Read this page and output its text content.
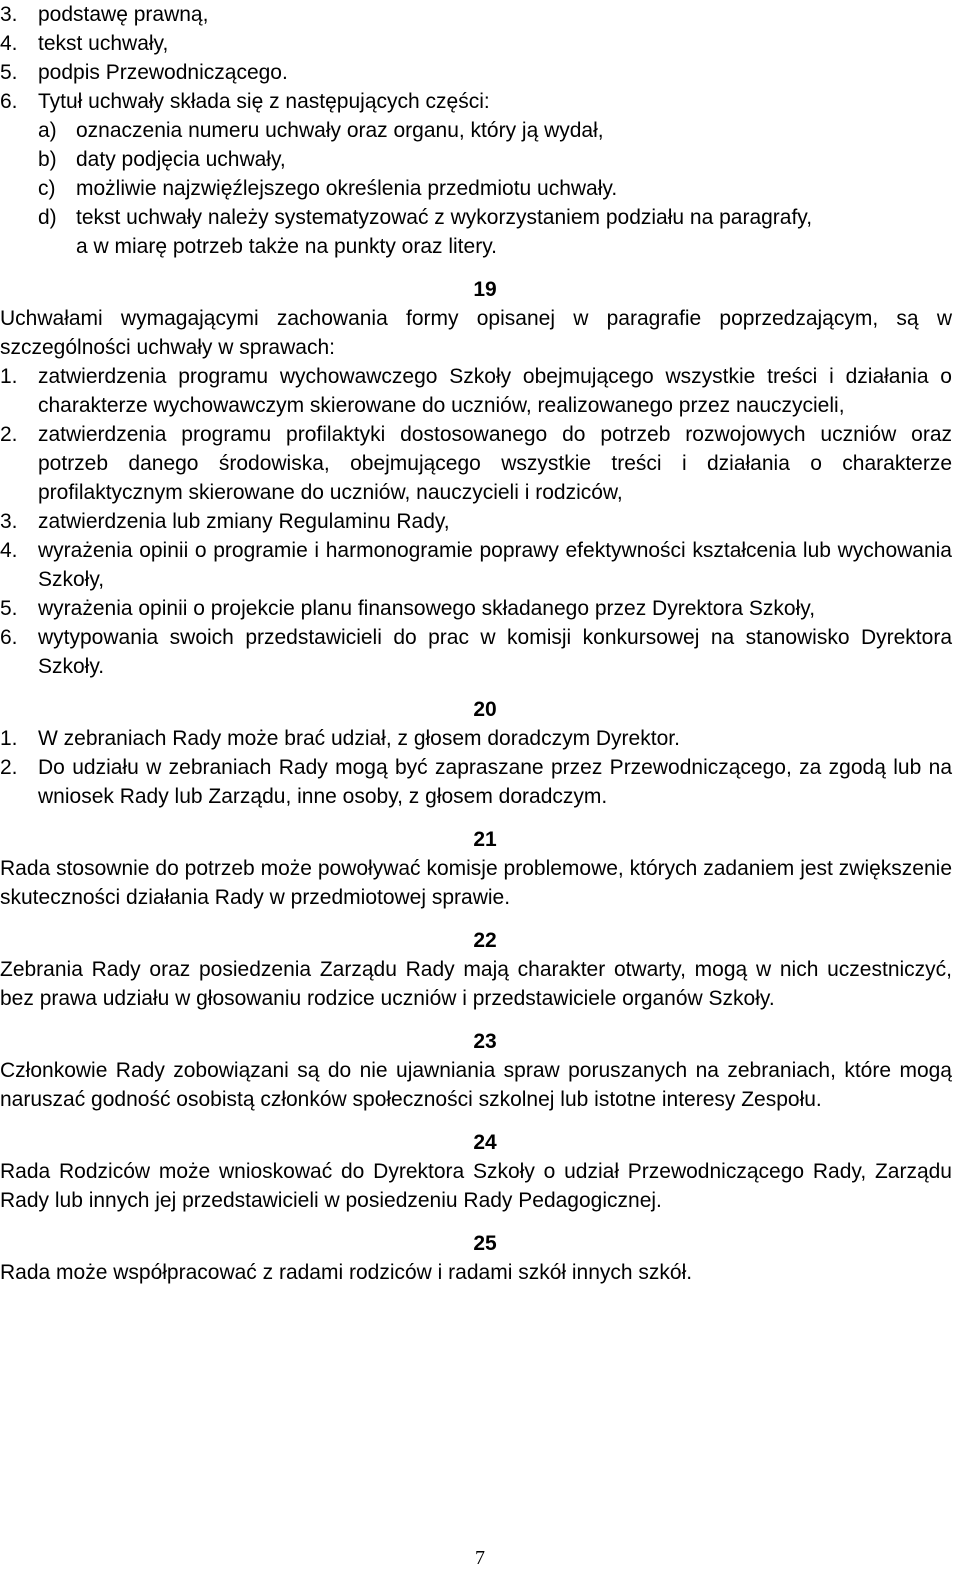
3. podstawę prawną,
4. tekst uchwały,
5. podpis Przewodniczącego.
6. Tytuł uchwały składa się z następujących części:
a) oznaczenia numeru uchwały oraz organu, który ją wydał,
b) daty podjęcia uchwały,
c) możliwie najzwięźlejszego określenia przedmiotu uchwały.
d) tekst uchwały należy systematyzować z wykorzystaniem podziału na paragrafy,
a w miarę potrzeb także na punkty oraz litery.
19
Uchwałami wymagającymi zachowania formy opisanej w paragrafie poprzedzającym, są w szczególności uchwały w sprawach:
1. zatwierdzenia programu wychowawczego Szkoły obejmującego wszystkie treści i działania o charakterze wychowawczym skierowane do uczniów, realizowanego przez nauczycieli,
2. zatwierdzenia programu profilaktyki dostosowanego do potrzeb rozwojowych uczniów oraz potrzeb danego środowiska, obejmującego wszystkie treści i działania o charakterze profilaktycznym skierowane do uczniów, nauczycieli i rodziców,
3. zatwierdzenia lub zmiany Regulaminu Rady,
4. wyrażenia opinii o programie i harmonogramie poprawy efektywności kształcenia lub wychowania Szkoły,
5. wyrażenia opinii o projekcie planu finansowego składanego przez Dyrektora Szkoły,
6. wytypowania swoich przedstawicieli do prac w komisji konkursowej na stanowisko Dyrektora Szkoły.
20
1. W zebraniach Rady może brać udział, z głosem doradczym Dyrektor.
2. Do udziału w zebraniach Rady mogą być zapraszane przez Przewodniczącego, za zgodą lub na wniosek Rady lub Zarządu, inne osoby, z głosem doradczym.
21
Rada stosownie do potrzeb może powoływać komisje problemowe, których zadaniem jest zwiększenie skuteczności działania Rady w przedmiotowej sprawie.
22
Zebrania Rady oraz posiedzenia Zarządu Rady mają charakter otwarty, mogą w nich uczestniczyć, bez prawa udziału w głosowaniu rodzice uczniów i przedstawiciele organów Szkoły.
23
Członkowie Rady zobowiązani są do nie ujawniania spraw poruszanych na zebraniach, które mogą naruszać godność osobistą członków społeczności szkolnej lub istotne interesy Zespołu.
24
Rada Rodziców może wnioskować do Dyrektora Szkoły o udział Przewodniczącego Rady, Zarządu Rady lub innych jej przedstawicieli w posiedzeniu Rady Pedagogicznej.
25
Rada może współpracować z radami rodziców i radami szkół innych szkół.
7
